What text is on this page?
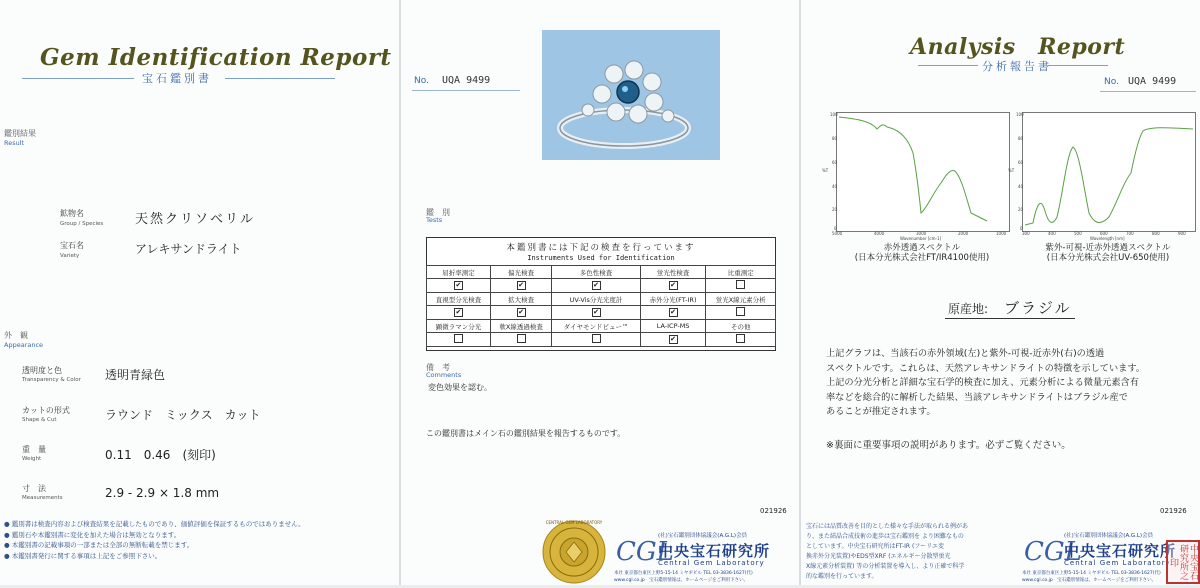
Gem Identification Report
宝石鑑別書
鑑別結果
Result
鉱物名
Group / Species 天然クリソベリル
宝石名
Variety	アレキサンドライト
外　観
Appearance
透明度と色
Transparency & Color 透明青緑色
カットの形式
Shape & Cut	ラウンド　ミックス　カット
重　量
Weight	0.11　0.46　(刻印)
寸　法
Measurements	2.9 - 2.9 × 1.8 mm
● 鑑別書は検査内容および検査結果を記載したものであり、価値評価を保証するものではありません。
● 鑑別石や本鑑別書に変化を加えた場合は無効となります。
● 本鑑別書の記載事項の一部または全部の無断転載を禁じます。
● 本鑑別書発行に関する事項は上記をご参照下さい。
No. UQA 9499
鑑　別
Tests
本鑑別書には下記の検査を行っています
Instruments Used for Identification
屈折率測定	偏光検査	多色性検査	蛍光性検査	比重測定
✔	✔	✔	✔	
直視型分光検査	拡大検査	UV-Vis分光光度計	赤外分光(FT-IR)	蛍光X線元素分析
✔	✔	✔	✔	
顕微ラマン分光	軟X線透過検査	ダイヤモンドビュー™	LA-ICP-MS	その他
			✔	
備　考
Comments
変色効果を認む。
この鑑別書はメイン石の鑑別結果を報告するものです。
021926
CENTRAL GEM LABORATORY
CGL
(社)宝石鑑別団体協議会(A.G.L)会員
中央宝石研究所
Central Gem Laboratory
本社 東京都台東区上野5-15-14 ミヤギビル TEL 03-3836-1627(代)
www.cgl.co.jp　宝石鑑別情報は、ホームページをご利用下さい。
Analysis　Report
分析報告書
No. UQA 9499
100
80
60
40
20
0
%T
5000	4000	3000	2000	1000
Wavenumber [cm-1]
赤外透過スペクトル
(日本分光株式会社FT/IR4100使用)
100
80
60
40
20
0
%T
300	400	500	600	700	800	900
Wavelength [nm]
紫外-可視-近赤外透過スペクトル
(日本分光株式会社UV-650使用)
原産地: ブラジル
上記グラフは、当該石の赤外領域(左)と紫外-可視-近赤外(右)の透過
スペクトルです。これらは、天然アレキサンドライトの特徴を示しています。
上記の分光分析と詳細な宝石学的検査に加え、元素分析による微量元素含有
率などを総合的に解析した結果、当該アレキサンドライトはブラジル産で
あることが推定されます。
※裏面に重要事項の説明があります。必ずご覧ください。
021926
宝石には品質改善を目的とした様々な手法が取られる例があ
り、また結晶合成技術の進歩は宝石鑑別を より困難なもの
としています。中央宝石研究所はFT-IR (フーリエ変
換赤外分光装置)やEDS型XRF (エネルギー分散型蛍光
X線元素分析装置) 等の分析装置を導入し、より正確で科学
的な鑑別を行っています。
CGL
(社)宝石鑑別団体協議会(A.G.L)会員
中央宝石研究所
Central Gem Laboratory
本社 東京都台東区上野5-15-14 ミヤギビル TEL 03-3836-1627(代)
www.cgl.co.jp　宝石鑑別情報は、ホームページをご利用下さい。
中央宝石研究所之印
